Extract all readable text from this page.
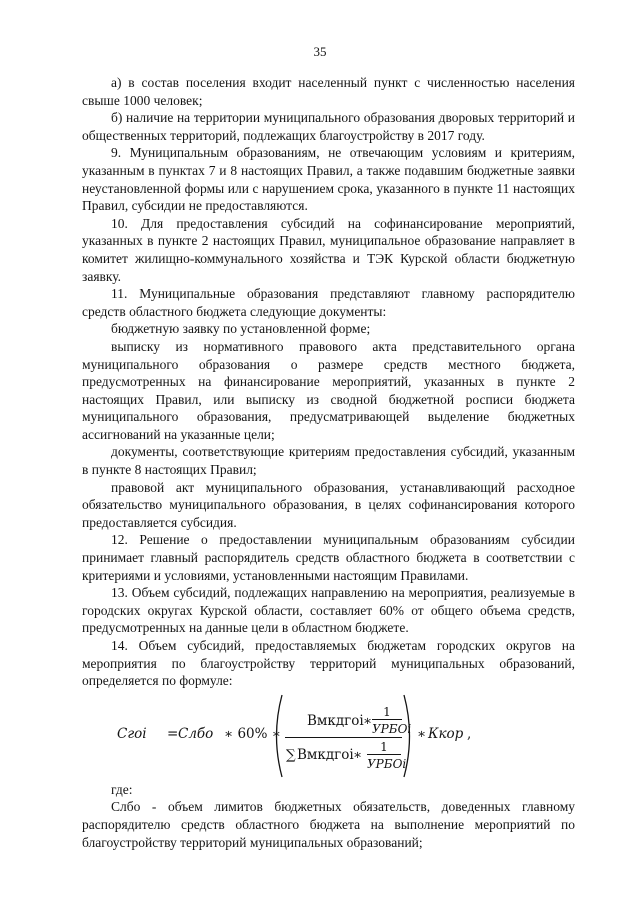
35

а) в состав поселения входит населенный пункт с численностью населения свыше 1000 человек;

б) наличие на территории муниципального образования дворовых территорий и общественных территорий, подлежащих благоустройству в 2017 году.

9. Муниципальным образованиям, не отвечающим условиям и критериям, указанным в пунктах 7 и 8 настоящих Правил, а также подавшим бюджетные заявки неустановленной формы или с нарушением срока, указанного в пункте 11 настоящих Правил, субсидии не предоставляются.

10. Для предоставления субсидий на софинансирование мероприятий, указанных в пункте 2 настоящих Правил, муниципальное образование направляет в комитет жилищно-коммунального хозяйства и ТЭК Курской области бюджетную заявку.

11. Муниципальные образования представляют главному распорядителю средств областного бюджета следующие документы:

бюджетную заявку по установленной форме;

выписку из нормативного правового акта представительного органа муниципального образования о размере средств местного бюджета, предусмотренных на финансирование мероприятий, указанных в пункте 2 настоящих Правил, или выписку из сводной бюджетной росписи бюджета муниципального образования, предусматривающей выделение бюджетных ассигнований на указанные цели;

документы, соответствующие критериям предоставления субсидий, указанным в пункте 8 настоящих Правил;

правовой акт муниципального образования, устанавливающий расходное обязательство муниципального образования, в целях софинансирования которого предоставляется субсидия.

12. Решение о предоставлении муниципальным образованиям субсидии принимает главный распорядитель средств областного бюджета в соответствии с критериями и условиями, установленными настоящим Правилами.

13. Объем субсидий, подлежащих направлению на мероприятия, реализуемые в городских округах Курской области, составляет 60% от общего объема средств, предусмотренных на данные цели в областном бюджете.

14. Объем субсидий, предоставляемых бюджетам городских округов на мероприятия по благоустройству территорий муниципальных образований, определяется по формуле:

Сгоi = Слбо ∗ 60% ∗
Вмкдгоi ∗
1
УРБОi
∑ Вмкдгоi ∗	1
УРБОi
∗ Ккор ,

где:

Слбо - объем лимитов бюджетных обязательств, доведенных главному распорядителю средств областного бюджета на выполнение мероприятий по благоустройству территорий муниципальных образований;
